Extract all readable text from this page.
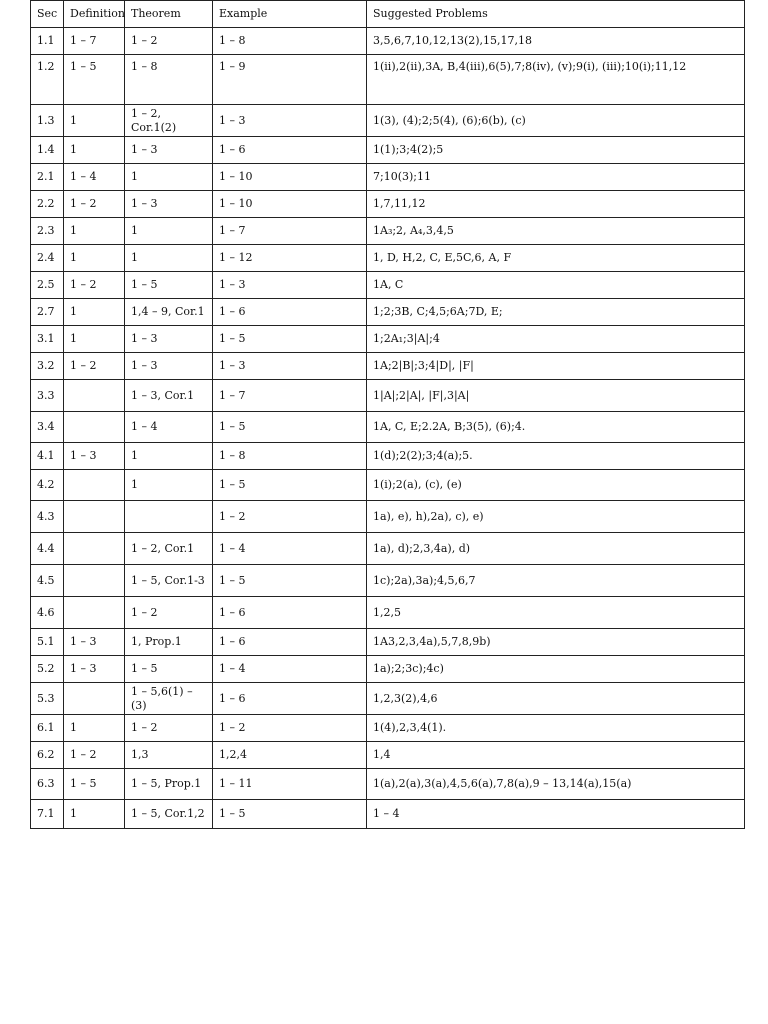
Sec	Definition	Theorem	Example	Suggested Problems
1.1	1 – 7	1 – 2	1 – 8	3,5,6,7,10,12,13(2),15,17,18
1.2	1 – 5	1 – 8	1 – 9	1(ii),2(ii),3A, B,4(iii),6(5),7;8(iv), (v);9(i), (iii);10(i);11,12
1.3	1	1 – 2, Cor.1(2)	1 – 3	1(3), (4);2;5(4), (6);6(b), (c)
1.4	1	1 – 3	1 – 6	1(1);3;4(2);5
2.1	1 – 4	1	1 – 10	7;10(3);11
2.2	1 – 2	1 – 3	1 – 10	1,7,11,12
2.3	1	1	1 – 7	1A₃;2, A₄,3,4,5
2.4	1	1	1 – 12	1, D, H,2, C, E,5C,6, A, F
2.5	1 – 2	1 – 5	1 – 3	1A, C
2.7	1	1,4 – 9, Cor.1	1 – 6	1;2;3B, C;4,5;6A;7D, E;
3.1	1	1 – 3	1 – 5	1;2A₁;3|A|;4
3.2	1 – 2	1 – 3	1 – 3	1A;2|B|;3;4|D|, |F|
3.3		1 – 3, Cor.1	1 – 7	1|A|;2|A|, |F|,3|A|
3.4		1 – 4	1 – 5	1A, C, E;2.2A, B;3(5), (6);4.
4.1	1 – 3	1	1 – 8	1(d);2(2);3;4(a);5.
4.2		1	1 – 5	1(i);2(a), (c), (e)
4.3			1 – 2	1a), e), h),2a), c), e)
4.4		1 – 2, Cor.1	1 – 4	1a), d);2,3,4a), d)
4.5		1 – 5, Cor.1-3	1 – 5	1c);2a),3a);4,5,6,7
4.6		1 – 2	1 – 6	1,2,5
5.1	1 – 3	1, Prop.1	1 – 6	1A3,2,3,4a),5,7,8,9b)
5.2	1 – 3	1 – 5	1 – 4	1a);2;3c);4c)
5.3		1 – 5,6(1) – (3)	1 – 6	1,2,3(2),4,6
6.1	1	1 – 2	1 – 2	1(4),2,3,4(1).
6.2	1 – 2	1,3	1,2,4	1,4
6.3	1 – 5	1 – 5, Prop.1	1 – 11	1(a),2(a),3(a),4,5,6(a),7,8(a),9 – 13,14(a),15(a)
7.1	1	1 – 5, Cor.1,2	1 – 5	1 – 4
